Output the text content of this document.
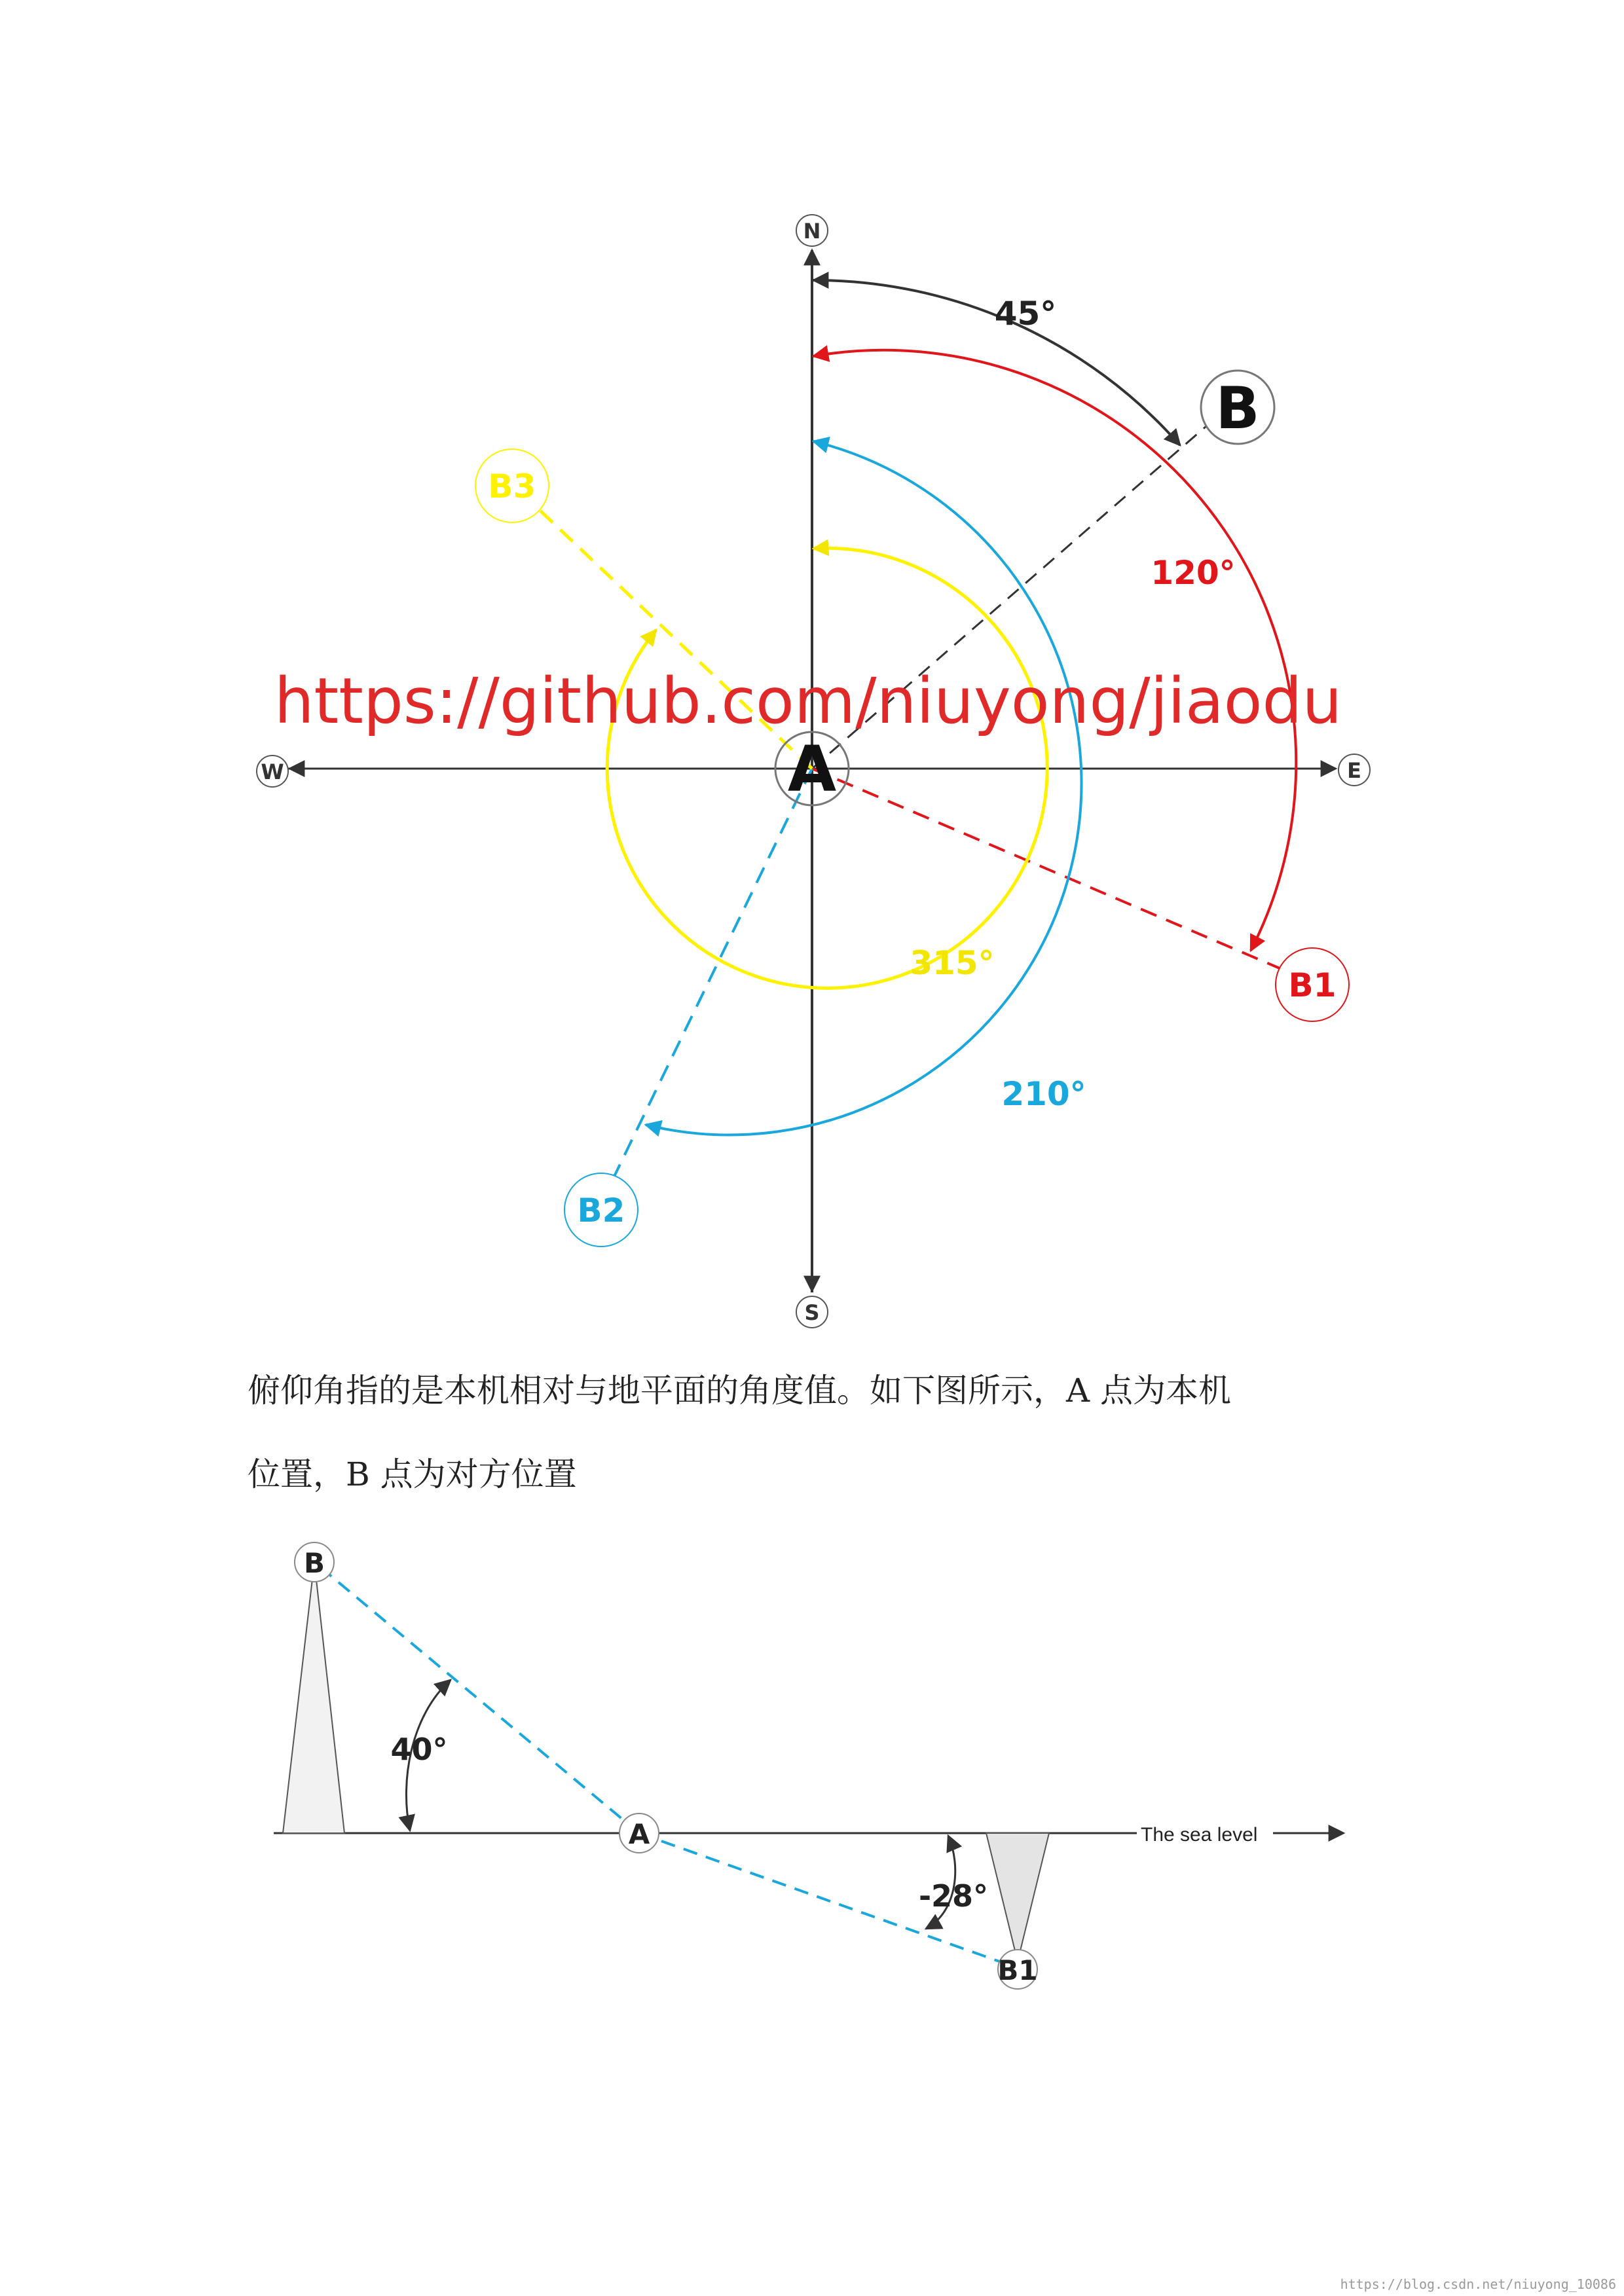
N
S
E
W	A
B
B1
B2
B3
45°
120°
210°
315°
https://github.com/niuyong/jiaodu
40°
-28°
B
A
B1
The sea level
https://blog.csdn.net/niuyong_10086
俯仰角指的是本机相对与地平面的角度值。如下图所示，A 点为本机
位置，B 点为对方位置
